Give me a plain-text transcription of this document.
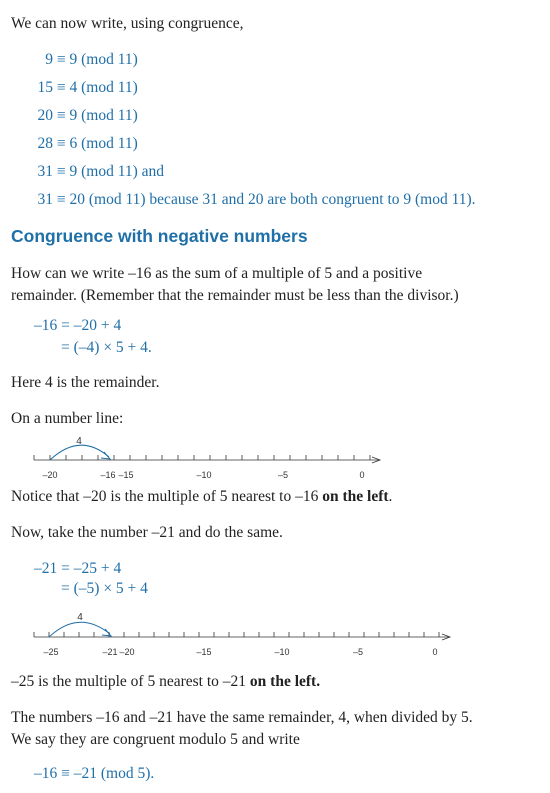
We can now write, using congruence,
9 ≡ 9 (mod 11)
15 ≡ 4 (mod 11)
20 ≡ 9 (mod 11)
28 ≡ 6 (mod 11)
31 ≡ 9 (mod 11) and
31 ≡ 20 (mod 11) because 31 and 20 are both congruent to 9 (mod 11).
Congruence with negative numbers
How can we write –16 as the sum of a multiple of 5 and a positive
remainder. (Remember that the remainder must be less than the divisor.)
–16 = –20 + 4
= (–4) × 5 + 4.
Here 4 is the remainder.
On a number line:
4
–20	–16 –15	–10	–5	0
Notice that –20 is the multiple of 5 nearest to –16 on the left.
Now, take the number –21 and do the same.
–21 = –25 + 4
= (–5) × 5 + 4
4
–25	–21 –20	–15	–10	–5	0
–25 is the multiple of 5 nearest to –21 on the left.
The numbers –16 and –21 have the same remainder, 4, when divided by 5.
We say they are congruent modulo 5 and write
–16 ≡ –21 (mod 5).
